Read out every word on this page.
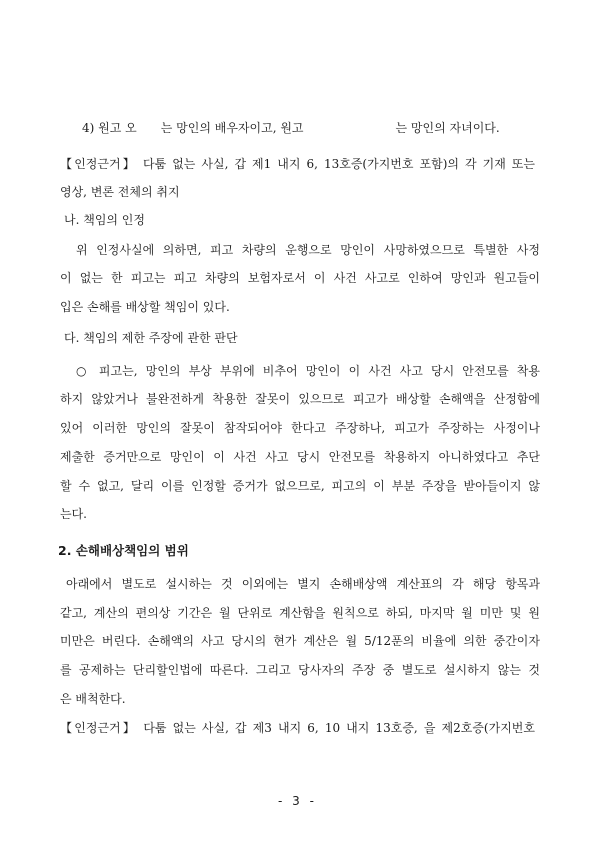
4) 원고 오 는 망인의 배우자이고, 원고	는 망인의 자녀이다.
【인정근거】 다툼 없는 사실, 갑 제1 내지 6, 13호증(가지번호 포함)의 각 기재 또는
영상, 변론 전체의 취지
나. 책임의 인정
위 인정사실에 의하면, 피고 차량의 운행으로 망인이 사망하였으므로 특별한 사정
이 없는 한 피고는 피고 차량의 보험자로서 이 사건 사고로 인하여 망인과 원고들이
입은 손해를 배상할 책임이 있다.
다. 책임의 제한 주장에 관한 판단
○ 피고는, 망인의 부상 부위에 비추어 망인이 이 사건 사고 당시 안전모를 착용
하지 않았거나 불완전하게 착용한 잘못이 있으므로 피고가 배상할 손해액을 산정함에
있어 이러한 망인의 잘못이 참작되어야 한다고 주장하나, 피고가 주장하는 사정이나
제출한 증거만으로 망인이 이 사건 사고 당시 안전모를 착용하지 아니하였다고 추단
할 수 없고, 달리 이를 인정할 증거가 없으므로, 피고의 이 부분 주장을 받아들이지 않
는다.
2. 손해배상책임의 범위
아래에서 별도로 설시하는 것 이외에는 별지 손해배상액 계산표의 각 해당 항목과
같고, 계산의 편의상 기간은 월 단위로 계산함을 원칙으로 하되, 마지막 월 미만 및 원
미만은 버린다. 손해액의 사고 당시의 현가 계산은 월 5/12푼의 비율에 의한 중간이자
를 공제하는 단리할인법에 따른다. 그리고 당사자의 주장 중 별도로 설시하지 않는 것
은 배척한다.
【인정근거】 다툼 없는 사실, 갑 제3 내지 6, 10 내지 13호증, 을 제2호증(가지번호
- 3 -
